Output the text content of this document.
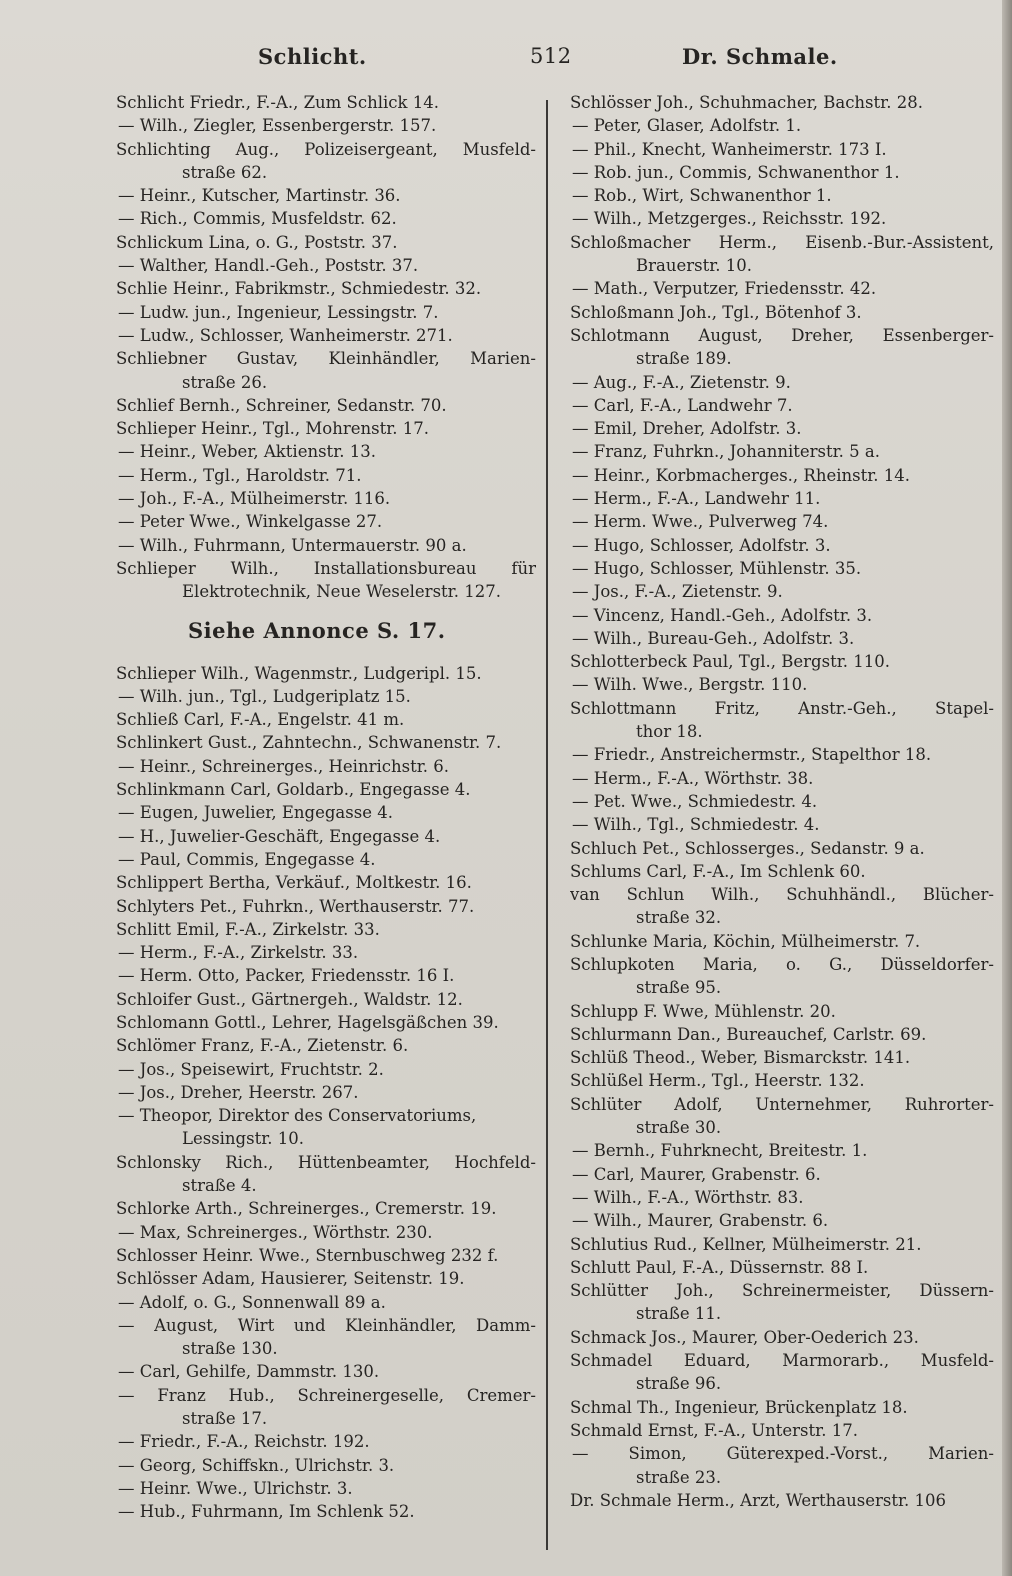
Schlicht.	512	Dr. Schmale.
Schlicht Friedr., F.-A., Zum Schlick 14.
— Wilh., Ziegler, Essenbergerstr. 157.
Schlichting Aug., Polizeisergeant, Musfeld-
straße 62.
— Heinr., Kutscher, Martinstr. 36.
— Rich., Commis, Musfeldstr. 62.
Schlickum Lina, o. G., Poststr. 37.
— Walther, Handl.-Geh., Poststr. 37.
Schlie Heinr., Fabrikmstr., Schmiedestr. 32.
— Ludw. jun., Ingenieur, Lessingstr. 7.
— Ludw., Schlosser, Wanheimerstr. 271.
Schliebner Gustav, Kleinhändler, Marien-
straße 26.
Schlief Bernh., Schreiner, Sedanstr. 70.
Schlieper Heinr., Tgl., Mohrenstr. 17.
— Heinr., Weber, Aktienstr. 13.
— Herm., Tgl., Haroldstr. 71.
— Joh., F.-A., Mülheimerstr. 116.
— Peter Wwe., Winkelgasse 27.
— Wilh., Fuhrmann, Untermauerstr. 90 a.
Schlieper Wilh., Installationsbureau für
Elektrotechnik, Neue Weselerstr. 127.
Siehe Annonce S. 17.
Schlieper Wilh., Wagenmstr., Ludgeripl. 15.
— Wilh. jun., Tgl., Ludgeriplatz 15.
Schließ Carl, F.-A., Engelstr. 41 m.
Schlinkert Gust., Zahntechn., Schwanenstr. 7.
— Heinr., Schreinerges., Heinrichstr. 6.
Schlinkmann Carl, Goldarb., Engegasse 4.
— Eugen, Juwelier, Engegasse 4.
— H., Juwelier-Geschäft, Engegasse 4.
— Paul, Commis, Engegasse 4.
Schlippert Bertha, Verkäuf., Moltkestr. 16.
Schlyters Pet., Fuhrkn., Werthauserstr. 77.
Schlitt Emil, F.-A., Zirkelstr. 33.
— Herm., F.-A., Zirkelstr. 33.
— Herm. Otto, Packer, Friedensstr. 16 I.
Schloifer Gust., Gärtnergeh., Waldstr. 12.
Schlomann Gottl., Lehrer, Hagelsgäßchen 39.
Schlömer Franz, F.-A., Zietenstr. 6.
— Jos., Speisewirt, Fruchtstr. 2.
— Jos., Dreher, Heerstr. 267.
— Theopor, Direktor des Conservatoriums,
Lessingstr. 10.
Schlonsky Rich., Hüttenbeamter, Hochfeld-
straße 4.
Schlorke Arth., Schreinerges., Cremerstr. 19.
— Max, Schreinerges., Wörthstr. 230.
Schlosser Heinr. Wwe., Sternbuschweg 232 f.
Schlösser Adam, Hausierer, Seitenstr. 19.
— Adolf, o. G., Sonnenwall 89 a.
— August, Wirt und Kleinhändler, Damm-
straße 130.
— Carl, Gehilfe, Dammstr. 130.
— Franz Hub., Schreinergeselle, Cremer-
straße 17.
— Friedr., F.-A., Reichstr. 192.
— Georg, Schiffskn., Ulrichstr. 3.
— Heinr. Wwe., Ulrichstr. 3.
— Hub., Fuhrmann, Im Schlenk 52.
Schlösser Joh., Schuhmacher, Bachstr. 28.
— Peter, Glaser, Adolfstr. 1.
— Phil., Knecht, Wanheimerstr. 173 I.
— Rob. jun., Commis, Schwanenthor 1.
— Rob., Wirt, Schwanenthor 1.
— Wilh., Metzgerges., Reichsstr. 192.
Schloßmacher Herm., Eisenb.-Bur.-Assistent,
Brauerstr. 10.
— Math., Verputzer, Friedensstr. 42.
Schloßmann Joh., Tgl., Bötenhof 3.
Schlotmann August, Dreher, Essenberger-
straße 189.
— Aug., F.-A., Zietenstr. 9.
— Carl, F.-A., Landwehr 7.
— Emil, Dreher, Adolfstr. 3.
— Franz, Fuhrkn., Johanniterstr. 5 a.
— Heinr., Korbmacherges., Rheinstr. 14.
— Herm., F.-A., Landwehr 11.
— Herm. Wwe., Pulverweg 74.
— Hugo, Schlosser, Adolfstr. 3.
— Hugo, Schlosser, Mühlenstr. 35.
— Jos., F.-A., Zietenstr. 9.
— Vincenz, Handl.-Geh., Adolfstr. 3.
— Wilh., Bureau-Geh., Adolfstr. 3.
Schlotterbeck Paul, Tgl., Bergstr. 110.
— Wilh. Wwe., Bergstr. 110.
Schlottmann Fritz, Anstr.-Geh., Stapel-
thor 18.
— Friedr., Anstreichermstr., Stapelthor 18.
— Herm., F.-A., Wörthstr. 38.
— Pet. Wwe., Schmiedestr. 4.
— Wilh., Tgl., Schmiedestr. 4.
Schluch Pet., Schlosserges., Sedanstr. 9 a.
Schlums Carl, F.-A., Im Schlenk 60.
van Schlun Wilh., Schuhhändl., Blücher-
straße 32.
Schlunke Maria, Köchin, Mülheimerstr. 7.
Schlupkoten Maria, o. G., Düsseldorfer-
straße 95.
Schlupp F. Wwe, Mühlenstr. 20.
Schlurmann Dan., Bureauchef, Carlstr. 69.
Schlüß Theod., Weber, Bismarckstr. 141.
Schlüßel Herm., Tgl., Heerstr. 132.
Schlüter Adolf, Unternehmer, Ruhrorter-
straße 30.
— Bernh., Fuhrknecht, Breitestr. 1.
— Carl, Maurer, Grabenstr. 6.
— Wilh., F.-A., Wörthstr. 83.
— Wilh., Maurer, Grabenstr. 6.
Schlutius Rud., Kellner, Mülheimerstr. 21.
Schlutt Paul, F.-A., Düssernstr. 88 I.
Schlütter Joh., Schreinermeister, Düssern-
straße 11.
Schmack Jos., Maurer, Ober-Oederich 23.
Schmadel Eduard, Marmorarb., Musfeld-
straße 96.
Schmal Th., Ingenieur, Brückenplatz 18.
Schmald Ernst, F.-A., Unterstr. 17.
— Simon, Güterexped.-Vorst., Marien-
straße 23.
Dr. Schmale Herm., Arzt, Werthauserstr. 106
